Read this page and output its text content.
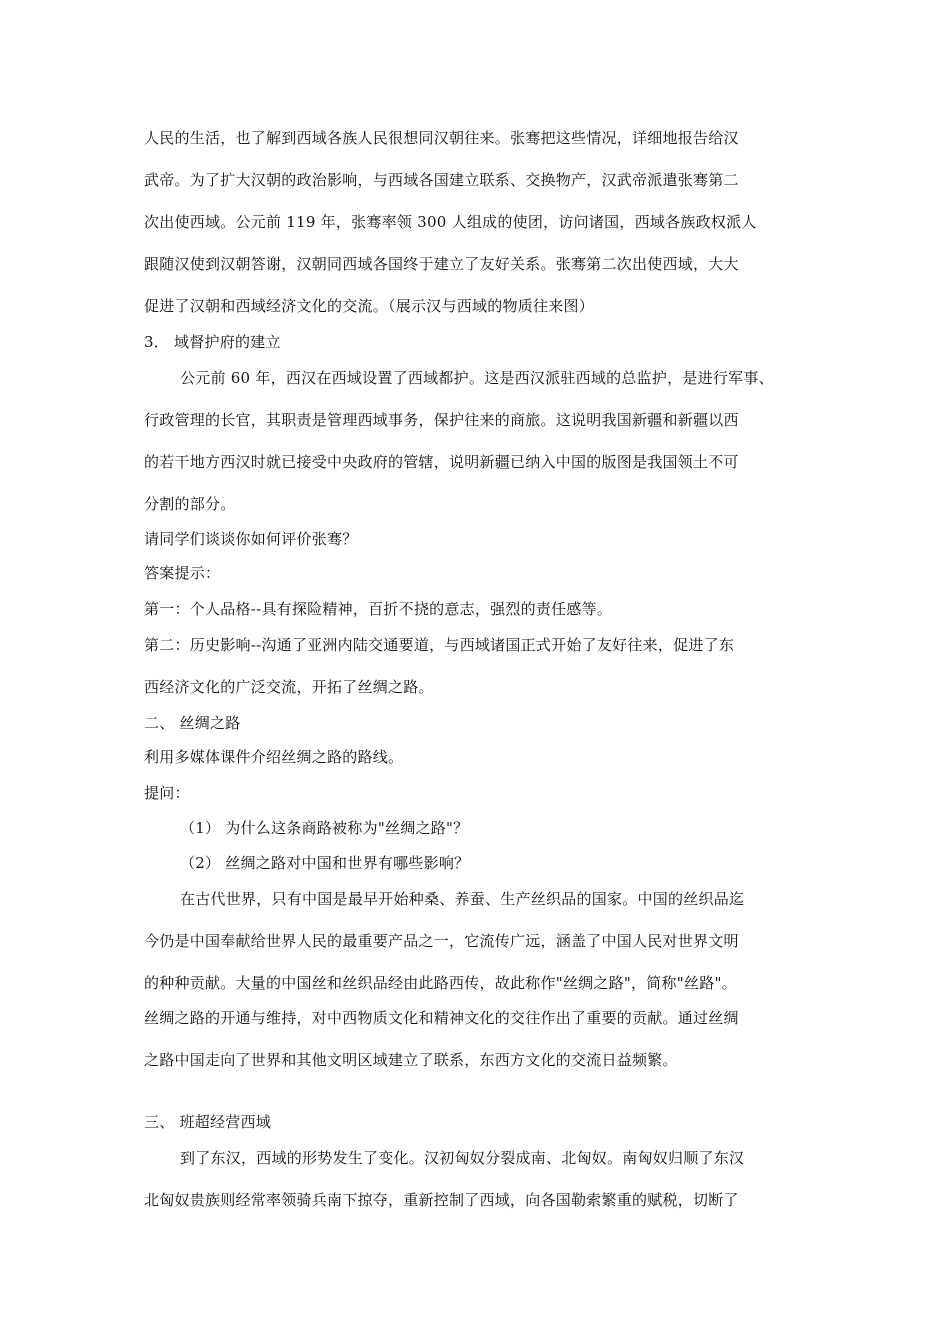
人民的生活，也了解到西域各族人民很想同汉朝往来。张骞把这些情况，详细地报告给汉
武帝。为了扩大汉朝的政治影响，与西域各国建立联系、交换物产，汉武帝派遣张骞第二
次出使西域。公元前 119 年，张骞率领 300 人组成的使团，访问诸国，西域各族政权派人
跟随汉使到汉朝答谢，汉朝同西域各国终于建立了友好关系。张骞第二次出使西域，大大
促进了汉朝和西域经济文化的交流。（展示汉与西域的物质往来图）
3． 域督护府的建立
公元前 60 年，西汉在西域设置了西域都护。这是西汉派驻西域的总监护，是进行军事、
行政管理的长官，其职责是管理西域事务，保护往来的商旅。这说明我国新疆和新疆以西
的若干地方西汉时就已接受中央政府的管辖，说明新疆已纳入中国的版图是我国领土不可
分割的部分。
请同学们谈谈你如何评价张骞？
答案提示：
第一：个人品格--具有探险精神，百折不挠的意志，强烈的责任感等。
第二：历史影响--沟通了亚洲内陆交通要道，与西域诸国正式开始了友好往来，促进了东
西经济文化的广泛交流，开拓了丝绸之路。
二、 丝绸之路
利用多媒体课件介绍丝绸之路的路线。
提问：
（1） 为什么这条商路被称为"丝绸之路"？
（2） 丝绸之路对中国和世界有哪些影响？
在古代世界，只有中国是最早开始种桑、养蚕、生产丝织品的国家。中国的丝织品迄
今仍是中国奉献给世界人民的最重要产品之一，它流传广远，涵盖了中国人民对世界文明
的种种贡献。大量的中国丝和丝织品经由此路西传，故此称作"丝绸之路"，简称"丝路"。
丝绸之路的开通与维持，对中西物质文化和精神文化的交往作出了重要的贡献。通过丝绸
之路中国走向了世界和其他文明区域建立了联系，东西方文化的交流日益频繁。
三、 班超经营西域
到了东汉，西域的形势发生了变化。汉初匈奴分裂成南、北匈奴。南匈奴归顺了东汉
北匈奴贵族则经常率领骑兵南下掠夺，重新控制了西域，向各国勒索繁重的赋税，切断了
